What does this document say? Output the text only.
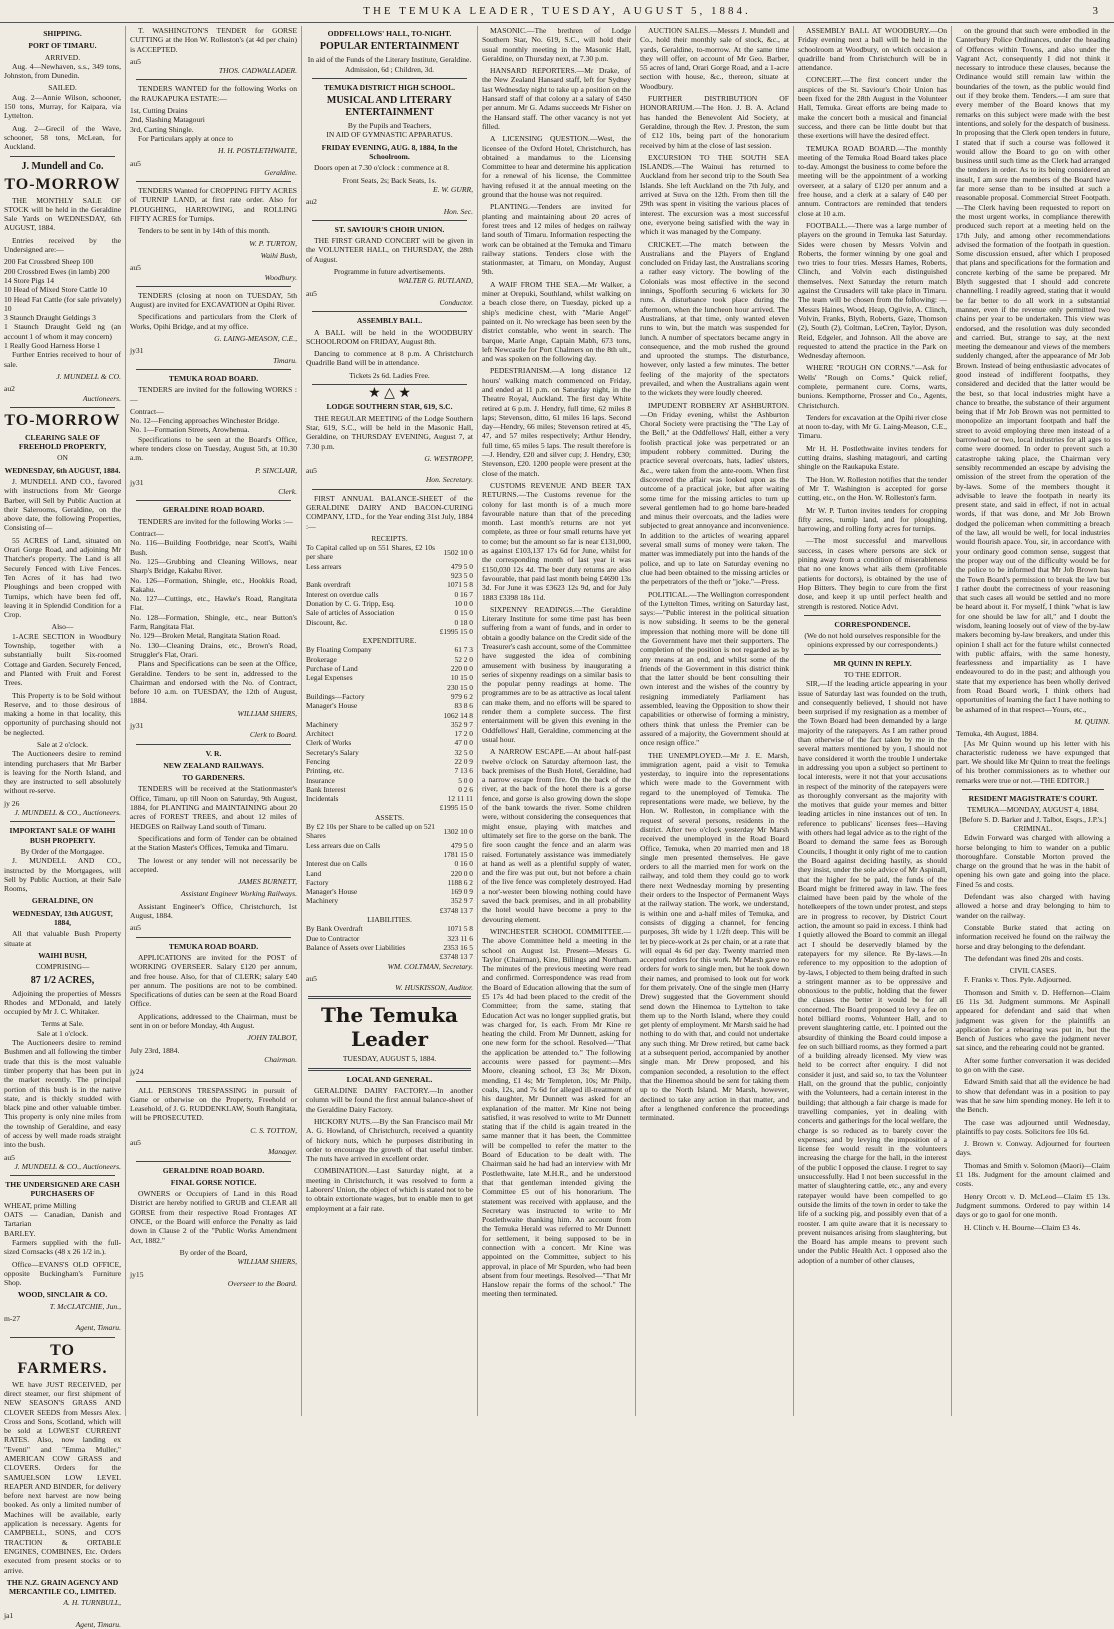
THE TEMUKA LEADER, TUESDAY, AUGUST 5, 1884.	3
SHIPPING.
PORT OF TIMARU.
ARRIVED.

Aug. 4—Newhaven, s.s., 349 tons, Johnston, from Dunedin.

SAILED.

Aug. 2—Annie Wilson, schooner, 150 tons, Murray, for Kaipara, via Lyttelton.

Aug. 2—Grecil of the Wave, schooner, 58 tons, McLean, for Auckland.

J. Mundell and Co.
TO-MORROW

THE MONTHLY SALE OF STOCK will be held in the Geraldine Sale Yards on WEDNESDAY, 6th AUGUST, 1884.

Entries received by the Undersigned are:—

200 Fat Crossbred Sheep 100
200 Crossbred Ewes (in lamb) 200
14 Store Pigs 14
10 Head of Mixed Store Cattle 10
10 Head Fat Cattle (for sale privately) 10
3 Staunch Draught Geldings 3
1 Staunch Draught Geld ng (an account 1 of whom it may concern)
1 Really Good Harness Horse 1

Further Entries received to hour of sale.

J. MUNDELL & CO.
au2
Auctioneers.
TO-MORROW
CLEARING SALE OF FREEHOLD PROPERTY,
ON
WEDNESDAY, 6th AUGUST, 1884.

J. MUNDELL AND CO., favored with instructions from Mr George Barber, will Sell by Public Auction at their Salerooms, Geraldine, on the above date, the following Properties, Consisting of—

55 ACRES of Land, situated on Orari Gorge Road, and adjoining Mr Thatcher's property. The Land is all Securely Fenced with Live Fences. Ten Acres of it has had two Ploughings and been cropped with Turnips, which have been fed off, leaving it in Splendid Condition for a Crop.

Also—

1-ACRE SECTION in Woodbury Township, together with a substantially built Six-roomed Cottage and Garden. Securely Fenced, and Planted with Fruit and Forest Trees.

This Property is to be Sold without Reserve, and to those desirous of making a home in that locality, this opportunity of purchasing should not be neglected.

Sale at 2 o'clock.

The Auctioneers desire to remind intending purchasers that Mr Barber is leaving for the North Island, and they are instructed to sell absolutely without re-serve.

jy 26
J. MUNDELL & CO., Auctioneers.
IMPORTANT SALE OF WAIHI BUSH PROPERTY.
By Order of the Mortgagee.

J. MUNDELL AND CO., instructed by the Mortgagees, will Sell by Public Auction, at their Sale Rooms,

GERALDINE, ON
WEDNESDAY, 13th AUGUST, 1884,

All that valuable Bush Property situate at

WAIHI BUSH,
COMPRISING—
87 1/2 ACRES,

Adjoining the properties of Messrs Rhodes and M'Donald, and lately occupied by Mr J. C. Whitaker.

Terms at Sale.
Sale at 1 o'clock.

The Auctioneers desire to remind Bushmen and all following the timber trade that this is the most valuable timber property that has been put in the market recently. The principal portion of this bush is in the native state, and is thickly studded with black pine and other valuable timber. This property is only nine miles from the township of Geraldine, and easy of access by well made roads straight into the bush.

au5
J. MUNDELL & CO., Auctioneers.
THE UNDERSIGNED ARE CASH PURCHASERS OF
WHEAT, prime Milling
OATS — Canadian, Danish and Tartarian
BARLEY.

Farmers supplied with the full-sized Cornsacks (48 x 26 1/2 in.).

Office—EVANS'S OLD OFFICE, opposite Buckingham's Furniture Shop.

WOOD, SINCLAIR & CO.
T. McCLATCHIE, Jun.,
m-27
Agent, Timaru.
TO FARMERS.

WE have JUST RECEIVED, per direct steamer, our first shipment of NEW SEASON'S GRASS AND CLOVER SEEDS from Messrs Alex. Cross and Sons, Scotland, which will be sold at LOWEST CURRENT RATES. Also, now landing ex "Eventi" and "Emma Muller," AMERICAN COW GRASS and CLOVERS. Orders for the SAMUELSON LOW LEVEL REAPER AND BINDER, for delivery before next harvest are now being booked. As only a limited number of Machines will be available, early application is necessary. Agents for CAMPBELL, SONS, and CO'S TRACTION & ORTABLE ENGINES, COMBINES, Etc. Orders executed from present stocks or to arrive.

THE N.Z. GRAIN AGENCY AND MERCANTILE CO., LIMITED.
A. H. TURNBULL,
ja1
Agent, Timaru.

T. WASHINGTON'S TENDER for GORSE CUTTING at the Hon W. Rolleston's (at 4d per chain) is ACCEPTED.

au5
THOS. CADWALLADER.

TENDERS WANTED for the following Works on the RAUKAPUKA ESTATE:—

1st, Cutting Drains
2nd, Slashing Matagouri
3rd, Carting Shingle.

For Particulars apply at once to

H. H. POSTLETHWAITE,
au5
Geraldine.

TENDERS Wanted for CROPPING FIFTY ACRES of TURNIP LAND, at first rate order. Also for PLOUGHING, HARROWING, and ROLLING FIFTY ACRES for Turnips.

Tenders to be sent in by 14th of this month.

W. P. TURTON,
Waihi Bush,
au5
Woodbury.

TENDERS (closing at noon on TUESDAY, 5th August) are invited for EXCAVATION at Opihi River.

Specifications and particulars from the Clerk of Works, Opihi Bridge, and at my office.

G. LAING-MEASON, C.E.,
jy31
Timaru.
TEMUKA ROAD BOARD.

TENDERS are invited for the following WORKS :—

Contract—
No. 12—Fencing approaches Winchester Bridge.
No. 1—Formation Streets, Arowhenua.

Specifications to be seen at the Board's Office, where tenders close on Tuesday, August 5th, at 10.30 a.m.

P. SINCLAIR,
jy31
Clerk.
GERALDINE ROAD BOARD.

TENDERS are invited for the following Works :—

Contract—
No. 116—Building Footbridge, near Scott's, Waihi Bush.
No. 125—Grubbing and Cleaning Willows, near Sharp's Bridge, Kakahu River.
No. 126—Formation, Shingle, etc., Hookkis Road, Kakahu.
No. 127—Cuttings, etc., Hawke's Road, Rangitata Flat.
No. 128—Formation, Shingle, etc., near Button's Farm, Rangitata Flat.
No. 129—Broken Metal, Rangitata Station Road.
No. 130—Cleaning Drains, etc., Brown's Road, Struggler's Flat, Orari.

Plans and Specifications can be seen at the Office, Geraldine. Tenders to be sent in, addressed to the Chairman and endorsed with the No. of Contract, before 10 a.m. on TUESDAY, the 12th of August, 1884.

WILLIAM SHIERS,
jy31
Clerk to Board.
V. R.
NEW ZEALAND RAILWAYS.
TO GARDENERS.

TENDERS will be received at the Stationmaster's Office, Timaru, up till Noon on Saturday, 9th August, 1884, for PLANTING and MAINTAINING about 20 acres of FOREST TREES, and about 12 miles of HEDGES on Railway Land south of Timaru.

Specifications and form of Tender can be obtained at the Station Master's Offices, Temuka and Timaru.

The lowest or any tender will not necessarily be accepted.

JAMES BURNETT,
Assistant Engineer Working Railways.

Assistant Engineer's Office, Christchurch, 1st August, 1884.

au5
TEMUKA ROAD BOARD.

APPLICATIONS are invited for the POST of WORKING OVERSEER. Salary £120 per annum, and free house. Also, for that of CLERK; salary £40 per annum. The positions are not to be combined. Specifications of duties can be seen at the Road Board Office.

Applications, addressed to the Chairman, must be sent in on or before Monday, 4th August.

JOHN TALBOT,
July 23rd, 1884.
Chairman.
jy24

ALL PERSONS TRESPASSING in pursuit of Game or otherwise on the Property, Freehold or Leasehold, of J. G. RUDDENKLAW, South Rangitata, will be PROSECUTED.

C. S. TOTTON,
au5
Manager.
GERALDINE ROAD BOARD.
FINAL GORSE NOTICE.

OWNERS or Occupiers of Land in this Road District are hereby notified to GRUB and CLEAR all GORSE from their respective Road Frontages AT ONCE, or the Board will enforce the Penalty as laid down in Clause 2 of the "Public Works Amendment Act, 1882."

By order of the Board,
WILLIAM SHIERS,
jy15
Overseer to the Board.
ODDFELLOWS' HALL, TO-NIGHT.
POPULAR ENTERTAINMENT
In aid of the Funds of the Literary Institute, Geraldine.
Admission, 6d ; Children, 3d.
TEMUKA DISTRICT HIGH SCHOOL.
MUSICAL AND LITERARY ENTERTAINMENT
By the Pupils and Teachers,
IN AID OF GYMNASTIC APPARATUS.
FRIDAY EVENING, AUG. 8, 1884, In the Schoolroom.

Doors open at 7.30 o'clock : commence at 8.

Front Seats, 2s; Back Seats, 1s.
E. W. GURR,
au2
Hon. Sec.
ST. SAVIOUR'S CHOIR UNION.

THE FIRST GRAND CONCERT will be given in the VOLUNTEER HALL, on THURSDAY, the 28th of August.

Programme in future advertisements.
WALTER G. RUTLAND,
au5
Conductor.
ASSEMBLY BALL.

A BALL will be held in the WOODBURY SCHOOLROOM on FRIDAY, August 8th.

Dancing to commence at 8 p.m. A Christchurch Quadrille Band will be in attendance.

Tickets 2s 6d. Ladies Free.
★ △ ★
LODGE SOUTHERN STAR, 619, S.C.

THE REGULAR MEETING of the Lodge Southern Star, 619, S.C., will be held in the Masonic Hall, Geraldine, on THURSDAY EVENING, August 7, at 7.30 p.m.

G. WESTROPP,
au5
Hon. Secretary.

FIRST ANNUAL BALANCE-SHEET of the GERALDINE DAIRY AND BACON-CURING COMPANY, LTD., for the Year ending 31st July, 1884 :—

RECEIPTS.
To Capital called up on 551 Shares, £2 10s per share	1502 10 0
Less arrears	479 5 0
	923 5 0
Bank overdraft	1071 5 8
Interest on overdue calls	0 16 7
Donation by C. G. Tripp, Esq.	10 0 0
Sale of articles of Association	0 15 0
Discount, &c.	0 18 0
	£1995 15 0
EXPENDITURE.
By Floating Company	61 7 3
Brokerage	52 2 0
Purchase of Land	220 0 0
Legal Expenses	10 15 0
	230 15 0
Buildings—Factory	979 6 2
Manager's House	83 8 6
	1062 14 8
Machinery	352 9 7
Architect	17 2 0
Clerk of Works	47 0 0
Secretary's Salary	32 5 0
Fencing	22 0 9
Printing, etc.	7 13 6
Insurance	5 0 0
Bank Interest	0 2 6
Incidentals	12 11 11
	£1995 15 0
ASSETS.
By £2 10s per Share to be called up on 521 Shares	1302 10 0
Less arrears due on Calls	479 5 0
	1781 15 0
Interest due on Calls	0 16 0
Land	220 0 0
Factory	1188 6 2
Manager's House	169 0 9
Machinery	352 9 7
	£3748 13 7
LIABILITIES.
By Bank Overdraft	1071 5 8
Due to Contractor	323 11 6
Balance of Assets over Liabilities	2353 16 5
	£3748 13 7
WM. COLTMAN, Secretary.
au5
W. HUSKISSON, Auditor.
The Temuka Leader
TUESDAY, AUGUST 5, 1884.
LOCAL AND GENERAL.

GERALDINE DAIRY FACTORY.—In another column will be found the first annual balance-sheet of the Geraldine Dairy Factory.

HICKORY NUTS.—By the San Francisco mail Mr A. G. Howland, of Christchurch, received a quantity of hickory nuts, which he purposes distributing in order to encourage the growth of that useful timber. The nuts have arrived in excellent order.

COMBINATION.—Last Saturday night, at a meeting in Christchurch, it was resolved to form a Laborers' Union, the object of which is stated not to be to obtain extortionate wages, but to enable men to get employment at a fair rate.

MASONIC.—The brethren of Lodge Southern Star, No. 619, S.C., will hold their usual monthly meeting in the Masonic Hall, Geraldine, on Thursday next, at 7.30 p.m.

HANSARD REPORTERS.—Mr Drake, of the New Zealand Hansard staff, left for Sydney last Wednesday night to take up a position on the Hansard staff of that colony at a salary of £450 per annum. Mr G. Adams succeeds Mr Fisher on the Hansard staff. The other vacancy is not yet filled.

A LICENSING QUESTION.—West, the licensee of the Oxford Hotel, Christchurch, has obtained a mandamus to the Licensing Committee to hear and determine his application for a renewal of his license, the Committee having refused it at the annual meeting on the ground that the house was not required.

PLANTING.—Tenders are invited for planting and maintaining about 20 acres of forest trees and 12 miles of hedges on railway land south of Timaru. Information respecting the work can be obtained at the Temuka and Timaru railway stations. Tenders close with the stationmaster, at Timaru, on Monday, August 9th.

A WAIF FROM THE SEA.—Mr Walker, a miner at Orepuki, Southland, whilst walking on a beach close there, on Tuesday, picked up a ship's medicine chest, with "Marie Angel" painted on it. No wreckage has been seen by the district constable, who went in search. The barque, Marie Ange, Captain Mabh, 673 tons, left Newcastle for Port Chalmers on the 8th ult., and was spoken on the following day.

PEDESTRIANISM.—A long distance 12 hours' walking match commenced on Friday, and ended at 11 p.m. on Saturday night, in the Theatre Royal, Auckland. The first day White retired at 6 p.m. J. Hendry, full time, 62 miles 8 laps; Stevenson, ditto, 61 miles 16 laps. Second day—Hendry, 66 miles; Stevenson retired at 45, 47, and 57 miles respectively; Arthur Hendry, full time, 65 miles 5 laps. The result therefore is—J. Hendry, £20 and silver cup; J. Hendry, £30; Stevenson, £20. 1200 people were present at the close of the match.

CUSTOMS REVENUE AND BEER TAX RETURNS.—The Customs revenue for the colony for last month is of a much more favourable nature than that of the preceding month. Last month's returns are not yet complete, as three or four small returns have yet to come; but the amount so far is near £131,000, as against £103,137 17s 6d for June, whilst for the corresponding month of last year it was £150,030 12s 4d. The beer duty returns are also favourable, that paid last month being £4690 13s 3d. For June it was £3623 12s 9d, and for July 1883 £3398 18s 11d.

SIXPENNY READINGS.—The Geraldine Literary Institute for some time past has been suffering from a want of funds, and in order to obtain a goodly balance on the Credit side of the Treasurer's cash account, some of the Committee have suggested the idea of combining amusement with business by inaugurating a series of sixpenny readings on a similar basis to the popular penny readings at home. The programmes are to be as attractive as local talent can make them, and no efforts will be spared to render them a complete success. The first entertainment will be given this evening in the Oddfellows' Hall, Geraldine, commencing at the usual hour.

A NARROW ESCAPE.—At about half-past twelve o'clock on Saturday afternoon last, the back premises of the Bush Hotel, Geraldine, had a narrow escape from fire. On the back of the river, at the back of the hotel there is a gorse fence, and gorse is also growing down the slope of the bank towards the river. Some children were, without considering the consequences that might ensue, playing with matches and ultimately set fire to the gorse on the bank. The fire soon caught the fence and an alarm was raised. Fortunately assistance was immediately at hand as well as a plentiful supply of water, and the fire was put out, but not before a chain of the live fence was completely destroyed. Had a nor'-wester been blowing nothing could have saved the back premises, and in all probability the hotel would have become a prey to the devouring element.

WINCHESTER SCHOOL COMMITTEE.—The above Committee held a meeting in the school on August 1st. Present—Messrs G. Taylor (Chairman), Kine, Billings and Northam. The minutes of the previous meeting were read and confirmed. Correspondence was read from the Board of Education allowing that the sum of £5 17s 4d had been placed to the credit of the Committee; from the same, stating that Education Act was no longer supplied gratis, but was charged for, 1s each. From Mr Kine re heating the child. From Mr Dunnett, asking for one new form for the school. Resolved—"That the application be attended to." The following accounts were passed for payment:—Mrs Moore, cleaning school, £3 3s; Mr Dixon, mending, £1 4s; Mr Templeton, 10s; Mr Philp, coals, 12s, and 7s 6d for alleged ill-treatment of his daughter, Mr Dunnett was asked for an explanation of the matter. Mr Kine not being satisfied, it was resolved to write to Mr Dunnett stating that if the child is again treated in the same manner that it has been, the Committee will be compelled to refer the matter to the Board of Education to be dealt with. The Chairman said he had had an interview with Mr Postlethwaite, late M.H.R., and he understood that that gentleman intended giving the Committee £5 out of his honorarium. The statement was received with applause, and the Secretary was instructed to write to Mr Postlethwaite thanking him. An account from the Temuka Herald was referred to Mr Dunnett for settlement, it being supposed to be in connection with a concert. Mr Kine was appointed on the Committee, subject to his approval, in place of Mr Spurden, who had been absent from four meetings. Resolved—"That Mr Hanslow repair the forms of the school." The meeting then terminated.

AUCTION SALES.—Messrs J. Mundell and Co., hold their monthly sale of stock, &c., at yards, Geraldine, to-morrow. At the same time they will offer, on account of Mr Geo. Barber, 55 acres of land, Orari Gorge Road, and a 1-acre section with house, &c., thereon, situate at Woodbury.

FURTHER DISTRIBUTION OF HONORARIUM.—The Hon. J. B. A. Acland has handed the Benevolent Aid Society, at Geraldine, through the Rev. J. Preston, the sum of £12 10s, being part of the honorarium received by him at the close of last session.

EXCURSION TO THE SOUTH SEA ISLANDS.—The Wainui has returned to Auckland from her second trip to the South Sea Islands. She left Auckland on the 7th July, and arrived at Suva on the 12th. From then till the 29th was spent in visiting the various places of interest. The excursion was a most successful one, everyone being satisfied with the way in which it was managed by the Company.

CRICKET.—The match between the Australians and the Players of England concluded on Friday last, the Australians scoring a rather easy victory. The bowling of the Colonials was most effective in the second innings, Spofforth securing 6 wickets for 30 runs. A disturbance took place during the afternoon, when the luncheon hour arrived. The Australians, at that time, only wanted eleven runs to win, but the match was suspended for lunch. A number of spectators became angry in consequence, and the mob rushed the ground and uprooted the stumps. The disturbance, however, only lasted a few minutes. The better feeling of the majority of the spectators prevailed, and when the Australians again went to the wickets they were loudly cheered.

IMPUDENT ROBBERY AT ASHBURTON.—On Friday evening, whilst the Ashburton Choral Society were practising the "The Lay of the Bell," at the Oddfellows' Hall, either a very foolish practical joke was perpetrated or an impudent robbery committed. During the practice several overcoats, hats, ladies' ulsters, &c., were taken from the ante-room. When first discovered the affair was looked upon as the outcome of a practical joke, but after waiting some time for the missing articles to turn up several gentlemen had to go home bare-headed and minus their overcoats, and the ladies were subjected to great annoyance and inconvenience. In addition to the articles of wearing apparel several small sums of money were taken. The matter was immediately put into the hands of the police, and up to late on Saturday evening no clue had been obtained to the missing articles or the perpetrators of the theft or "joke."—Press.

POLITICAL.—The Wellington correspondent of the Lyttelton Times, writing on Saturday last, says:—"Public interest in the political situation is now subsiding. It seems to be the general impression that nothing more will be done till the Government have met their supporters. The completion of the position is not regarded as by any means at an end, and whilst some of the friends of the Government in this district think that the latter should be bent consulting their own interest and the wishes of the country by resigning immediately Parliament has assembled, leaving the Opposition to show their capabilities or otherwise of forming a ministry, others think that unless the Premier can be assured of a majority, the Government should at once resign office."

THE UNEMPLOYED.—Mr J. E. Marsh, immigration agent, paid a visit to Temuka yesterday, to inquire into the representations which were made to the Government with regard to the unemployed of Temuka. The representations were made, we believe, by the Hon. W. Rolleston, in compliance with the request of several persons, residents in the district. After two o'clock yesterday Mr Marsh received the unemployed in the Road Board Office, Temuka, when 20 married men and 18 single men presented themselves. He gave orders to all the married men for work on the railway, and told them they could go to work there next Wednesday morning by presenting their orders to the Inspector of Permanent Ways at the railway station. The work, we understand, is within one and a-half miles of Temuka, and consists of digging a channel, for fencing purposes, 3ft wide by 1 1/2ft deep. This will be let by piece-work at 2s per chain, or at a rate that will equal 4s 6d per day. Twenty married men accepted orders for this work. Mr Marsh gave no orders for work to single men, but he took down their names, and promised to look out for work for them privately. One of the single men (Harry Drew) suggested that the Government should send down the Hinemoa to Lyttelton to take them up to the North Island, where they could get plenty of employment. Mr Marsh said he had nothing to do with that, and could not undertake any such thing. Mr Drew retired, but came back at a subsequent period, accompanied by another single man. Mr Drew proposed, and his companion seconded, a resolution to the effect that the Hinemoa should be sent for taking them up to the North Island. Mr Marsh, however, declined to take any action in that matter, and after a lengthened conference the proceedings terminated.

ASSEMBLY BALL AT WOODBURY.—On Friday evening next a ball will be held in the schoolroom at Woodbury, on which occasion a quadrille band from Christchurch will be in attendance.

CONCERT.—The first concert under the auspices of the St. Saviour's Choir Union has been fixed for the 28th August in the Volunteer Hall, Temuka. Great efforts are being made to make the concert both a musical and financial success, and there can be little doubt but that these exertions will have the desired effect.

TEMUKA ROAD BOARD.—The monthly meeting of the Temuka Road Board takes place to-day. Amongst the business to come before the meeting will be the appointment of a working overseer, at a salary of £120 per annum and a free house, and a clerk at a salary of £40 per annum. Contractors are reminded that tenders close at 10 a.m.

FOOTBALL.—There was a large number of players on the ground in Temuka last Saturday. Sides were chosen by Messrs Volvin and Roberts, the former winning by one goal and two tries to four tries. Messrs Hames, Roberts, Clinch, and Volvin each distinguished themselves. Next Saturday the return match against the Crusaders will take place in Timaru. The team will be chosen from the following: — Messrs Haines, Wood, Heap, Ogilvie, A. Clinch, Volvin, Franks, Blyth, Roberts, Gaze, Thomson (2), South (2), Coltman, LeCren, Taylor, Dyson, Reid, Edgeler, and Johnson. All the above are requested to attend the practice in the Park on Wednesday afternoon.

WHERE "ROUGH ON CORNS."—Ask for Wells' "Rough on Corns." Quick relief, complete, permanent cure. Corns, warts, bunions. Kempthorne, Prosser and Co., Agents, Christchurch.

Tenders for excavation at the Opihi river close at noon to-day, with Mr G. Laing-Meason, C.E., Timaru.

Mr H. H. Postlethwaite invites tenders for cutting drains, slashing matagouri, and carting shingle on the Raukapuka Estate.

The Hon. W. Rolleston notifies that the tender of Mr T. Washington is accepted for gorse cutting, etc., on the Hon. W. Rolleston's farm.

Mr W. P. Turton invites tenders for cropping fifty acres, turnip land, and for ploughing, harrowing, and rolling forty acres for turnips.

—The most successful and marvellous success, in cases where persons are sick or pining away from a condition of miserableness that no one knows what ails them (profitable patients for doctors), is obtained by the use of Hop Bitters. They begin to cure from the first dose, and keep it up until perfect health and strength is restored. Notice Advt.

CORRESPONDENCE.
(We do not hold ourselves responsible for the opinions expressed by our correspondents.)
MR QUINN IN REPLY.
TO THE EDITOR.

SIR,—If the leading article appearing in your issue of Saturday last was founded on the truth, and consequently believed, I should not have been surprised if my resignation as a member of the Town Board had been demanded by a large majority of the ratepayers. As I am rather proud than otherwise of the fact taken by me in the several matters mentioned by you, I should not have considered it worth the trouble I undertake in addressing you upon a subject so pertinent to local interests, were it not that your accusations in respect of the minority of the ratepayers were as thoroughly conversant as the majority with the motives that guide your memes and bitter leading articles in nine instances out of ten. In reference to publicans' licenses fees—Having with others had legal advice as to the right of the Board to demand the same fees as Borough Councils, I thought it only right of me to caution the Board against deciding hastily, as should they insist, under the sole advice of Mr Aspinall, that the higher fee be paid, the funds of the Board might be frittered away in law. The fees claimed have been paid by the whole of the hotelkeepers of the town under protest, and steps are in progress to recover, by District Court action, the amount so paid in excess. I think had I quietly allowed the Board to commit an illegal act I should be deservedly blamed by the ratepayers for my silence. Re By-laws.—In reference to my opposition to the adoption of by-laws, I objected to them being drafted in such a stringent manner as to be oppressive and obnoxious to the public, holding that the fewer the clauses the better it would be for all concerned. The Board proposed to levy a fee on hotel billiard rooms, Volunteer Hall, and to prevent slaughtering cattle, etc. I pointed out the absurdity of thinking the Board could impose a fee on such billiard rooms, as they formed a part of a building already licensed. My view was held to be correct after enquiry. I did not consider it just, and said so, to tax the Volunteer Hall, on the ground that the public, conjointly with the Volunteers, had a certain interest in the building; that although a fair charge is made for travelling companies, yet in dealing with concerts and gatherings for the local welfare, the charge is so reduced as to barely cover the expenses; and by levying the imposition of a license fee would result in the volunteers increasing the charge for the hall, in the interest of the public I opposed the clause. I regret to say unsuccessfully. Had I not been successful in the matter of slaughtering cattle, etc., any and every ratepayer would have been compelled to go outside the limits of the town in order to take the life of a sucking pig, and possibly even that of a rooster. I am quite aware that it is necessary to prevent nuisances arising from slaughtering, but the Board has ample means to prevent such under the Public Health Act. I opposed also the adoption of a number of other clauses,

on the ground that such were embodied in the Canterbury Police Ordinances, under the heading of Offences within Towns, and also under the Vagrant Act, consequently I did not think it necessary to introduce these clauses, because the Ordinance would still remain law within the boundaries of the town, as the public would find out if they broke them. Tenders.—I am sure that every member of the Board knows that my remarks on this subject were made with the best intentions, and solely for the despatch of business. In proposing that the Clerk open tenders in future, I stated that if such a course was followed it would allow the Board to go on with other business until such time as the Clerk had arranged the tenders in order. As to its being considered an insult, I am sure the members of the Board have far more sense than to be insulted at such a reasonable proposal. Commercial Street Footpath.—The Clerk having been requested to report on the most urgent works, in compliance therewith produced such report at a meeting held on the 17th July, and among other recommendations advised the formation of the footpath in question. Some discussion ensued, after which I proposed that plans and specifications for the formation and concrete kerbing of the same be prepared. Mr Blyth suggested that I should add concrete channelling. I readily agreed, stating that it would be far better to do all work in a substantial manner, even if the revenue only permitted two chains per year to be undertaken. This view was endorsed, and the resolution was duly seconded and carried. But, strange to say, at the next meeting the demeanour and views of the members suddenly changed, after the appearance of Mr Job Brown. Instead of being enthusiastic advocates of good instead of indifferent footpaths, they considered and decided that the latter would be the best, so that local industries might have a chance to breathe, the substance of their argument being that if Mr Job Brown was not permitted to monopolize an important footpath and half the street to avoid employing three men instead of a barrowload or two, local industries for all ages to come were doomed. In order to prevent such a catastrophe taking place, the Chairman very sensibly recommended an escape by advising the omission of the street from the operation of the by-laws. Some of the members thought it advisable to leave the footpath in nearly its present state, and said in effect, if not in actual words, if that was done, and Mr Job Brown dodged the policeman when committing a breach of the law, all would be well, for local industries would flourish apace. You, sir, in accordance with your ordinary good common sense, suggest that the proper way out of the difficulty would be for the police to be informed that Mr Job Brown has the Town Board's permission to break the law but I rather doubt the correctness of your reasoning that such cases all would be settled and no more be heard about it. For myself, I think "what is law for one should be law for all," and I doubt the wisdom, leaning loosely out of view of the by-law makers becoming by-law breakers, and under this opinion I shall act for the future whilst connected with public affairs, with the same honesty, fearlessness and impartiality as I have endeavoured to do in the past; and although you state that my experience has been wholly derived from Road Board work, I think others had opportunities of learning the fact I have nothing to be ashamed of in that respect—Yours, etc.,

M. QUINN.
Temuka, 4th August, 1884.

[As Mr Quinn wound up his letter with his characteristic rudeness we have expunged that part. We should like Mr Quinn to treat the feelings of his brother commissioners as to whether our remarks were true or not.—THE EDITOR.]

RESIDENT MAGISTRATE'S COURT.
TEMUKA—MONDAY, AUGUST 4, 1884.
[Before S. D. Barker and J. Talbot, Esqrs., J.P.'s.]
CRIMINAL.

Edwin Forward was charged with allowing a horse belonging to him to wander on a public thoroughfare. Constable Morton proved the charge on the ground that he was in the habit of opening his own gate and going into the place. Fined 5s and costs.

Defendant was also charged with having allowed a horse and dray belonging to him to wander on the railway.

Constable Burke stated that acting on information received he found on the railway the horse and dray belonging to the defendant.

The defendant was fined 20s and costs.

CIVIL CASES.

F. Franks v. Thos. Pyle. Adjourned.

Thomson and Smith v. D. Heffernon—Claim £6 11s 3d. Judgment summons. Mr Aspinall appeared for defendant and said that when judgment was given for the plaintiffs an application for a rehearing was put in, but the Bench of Justices who gave the judgment never sat since, and the rehearing could not be granted.

After some further conversation it was decided to go on with the case.

Edward Smith said that all the evidence he had to show that defendant was in a position to pay was that he saw him spending money. He left it to the Bench.

The case was adjourned until Wednesday, plaintiffs to pay costs. Solicitors fee 10s 6d.

J. Brown v. Conway. Adjourned for fourteen days.

Thomas and Smith v. Solomon (Maori)—Claim £1 18s. Judgment for the amount claimed and costs.

Henry Orcott v. D. McLeod—Claim £5 13s. Judgment summons. Ordered to pay within 14 days or go to gaol for one month.

H. Clinch v. H. Bourne—Claim £3 4s.
